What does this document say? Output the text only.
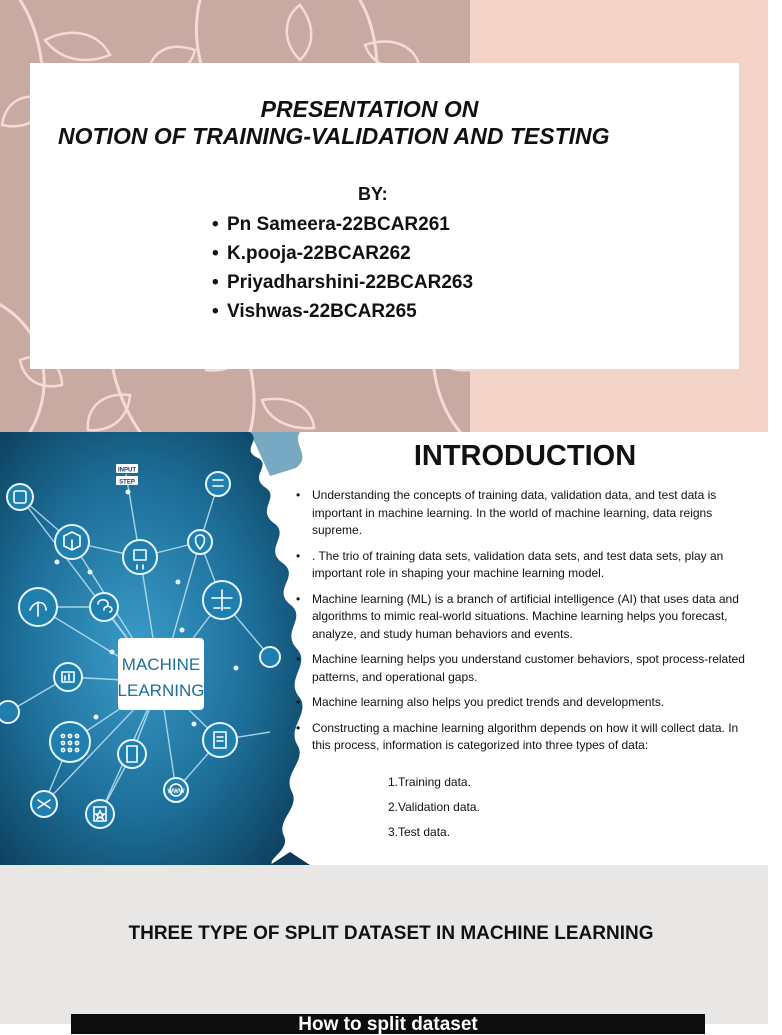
PRESENTATION ON
NOTION OF TRAINING-VALIDATION AND TESTING
BY:
• Pn Sameera-22BCAR261
• K.pooja-22BCAR262
• Priyadharshini-22BCAR263
• Vishwas-22BCAR265
INPUT
STEP
WWW
MACHINE
LEARNING
INTRODUCTION
• Understanding the concepts of training data, validation data, and test data is important in machine learning. In the world of machine learning, data reigns supreme.
• . The trio of training data sets, validation data sets, and test data sets, play an important role in shaping your machine learning model.
• Machine learning (ML) is a branch of artificial intelligence (AI) that uses data and algorithms to mimic real-world situations. Machine learning helps you forecast, analyze, and study human behaviors and events.
• Machine learning helps you understand customer behaviors, spot process-related patterns, and operational gaps.
• Machine learning also helps you predict trends and developments.
• Constructing a machine learning algorithm depends on how it will collect data. In this process, information is categorized into three types of data:
1.Training data.
2.Validation data.
3.Test data.
THREE TYPE OF SPLIT DATASET IN MACHINE LEARNING
How to split dataset
